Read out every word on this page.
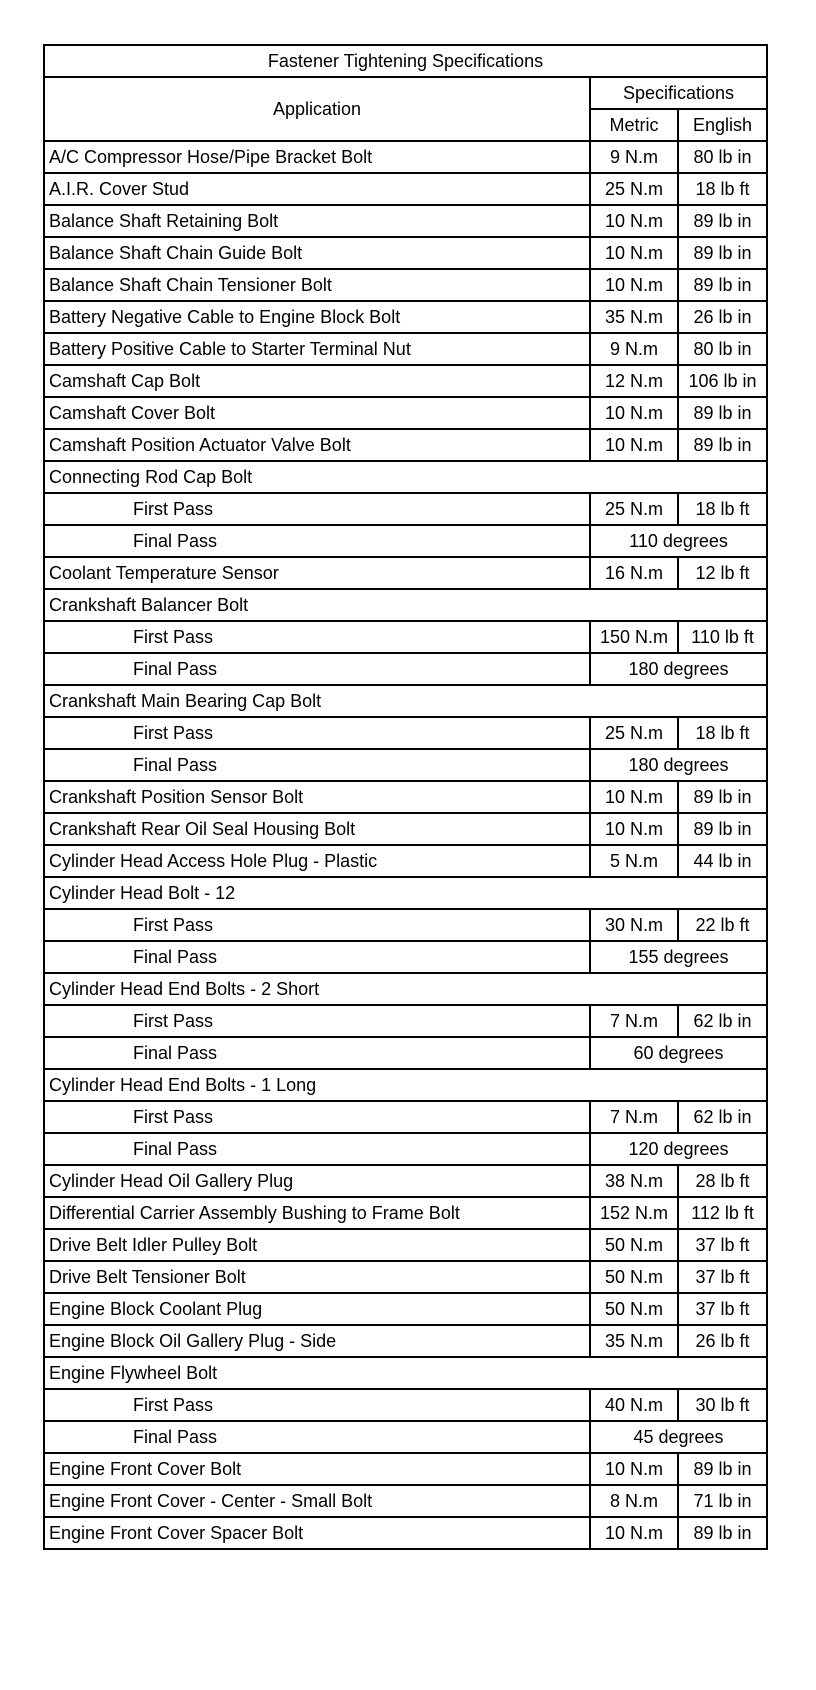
Fastener Tightening Specifications		
Application	Specifications	
	Metric	English
A/C Compressor Hose/Pipe Bracket Bolt	9 N.m	80 lb in
A.I.R. Cover Stud	25 N.m	18 lb ft
Balance Shaft Retaining Bolt	10 N.m	89 lb in
Balance Shaft Chain Guide Bolt	10 N.m	89 lb in
Balance Shaft Chain Tensioner Bolt	10 N.m	89 lb in
Battery Negative Cable to Engine Block Bolt	35 N.m	26 lb in
Battery Positive Cable to Starter Terminal Nut	9 N.m	80 lb in
Camshaft Cap Bolt	12 N.m	106 lb in
Camshaft Cover Bolt	10 N.m	89 lb in
Camshaft Position Actuator Valve Bolt	10 N.m	89 lb in
Connecting Rod Cap Bolt		
First Pass	25 N.m	18 lb ft
Final Pass	110 degrees	
Coolant Temperature Sensor	16 N.m	12 lb ft
Crankshaft Balancer Bolt		
First Pass	150 N.m	110 lb ft
Final Pass	180 degrees	
Crankshaft Main Bearing Cap Bolt		
First Pass	25 N.m	18 lb ft
Final Pass	180 degrees	
Crankshaft Position Sensor Bolt	10 N.m	89 lb in
Crankshaft Rear Oil Seal Housing Bolt	10 N.m	89 lb in
Cylinder Head Access Hole Plug - Plastic	5 N.m	44 lb in
Cylinder Head Bolt - 12		
First Pass	30 N.m	22 lb ft
Final Pass	155 degrees	
Cylinder Head End Bolts - 2 Short		
First Pass	7 N.m	62 lb in
Final Pass	60 degrees	
Cylinder Head End Bolts - 1 Long		
First Pass	7 N.m	62 lb in
Final Pass	120 degrees	
Cylinder Head Oil Gallery Plug	38 N.m	28 lb ft
Differential Carrier Assembly Bushing to Frame Bolt	152 N.m	112 lb ft
Drive Belt Idler Pulley Bolt	50 N.m	37 lb ft
Drive Belt Tensioner Bolt	50 N.m	37 lb ft
Engine Block Coolant Plug	50 N.m	37 lb ft
Engine Block Oil Gallery Plug - Side	35 N.m	26 lb ft
Engine Flywheel Bolt		
First Pass	40 N.m	30 lb ft
Final Pass	45 degrees	
Engine Front Cover Bolt	10 N.m	89 lb in
Engine Front Cover - Center - Small Bolt	8 N.m	71 lb in
Engine Front Cover Spacer Bolt	10 N.m	89 lb in
